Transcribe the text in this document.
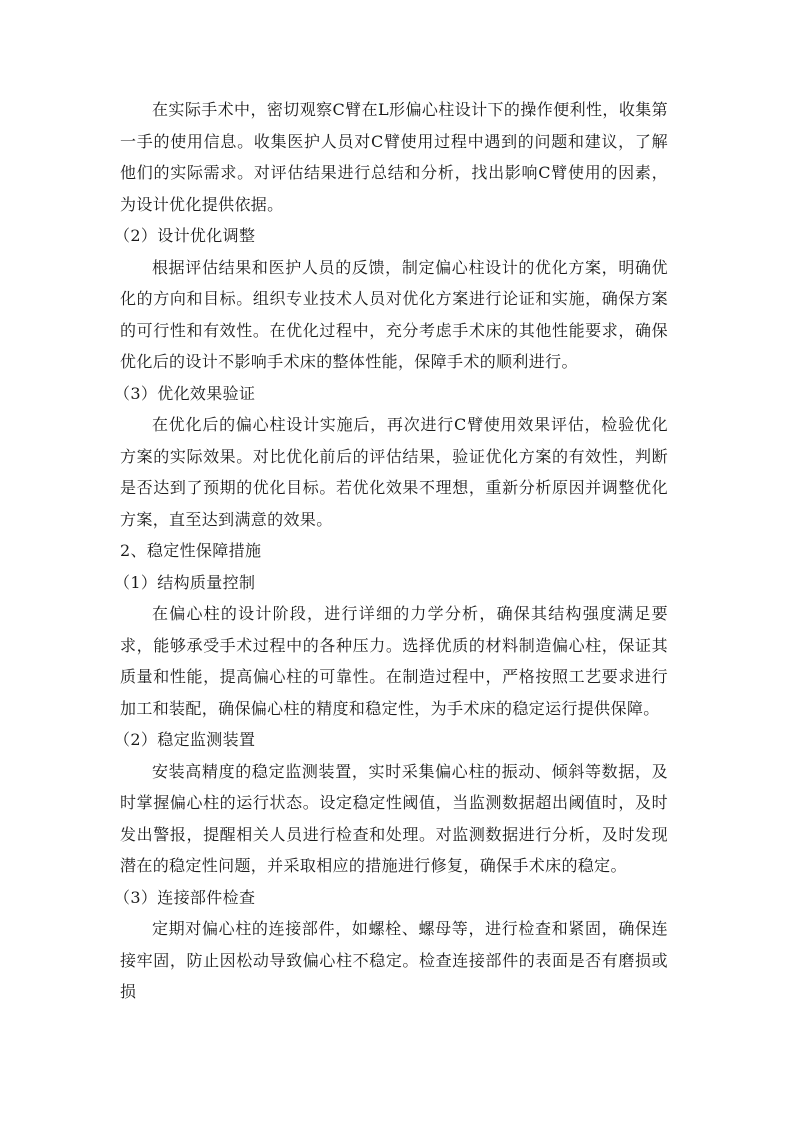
在实际手术中，密切观察C臂在L形偏心柱设计下的操作便利性，收集第一手的使用信息。收集医护人员对C臂使用过程中遇到的问题和建议，了解他们的实际需求。对评估结果进行总结和分析，找出影响C臂使用的因素，为设计优化提供依据。

（2）设计优化调整

根据评估结果和医护人员的反馈，制定偏心柱设计的优化方案，明确优化的方向和目标。组织专业技术人员对优化方案进行论证和实施，确保方案的可行性和有效性。在优化过程中，充分考虑手术床的其他性能要求，确保优化后的设计不影响手术床的整体性能，保障手术的顺利进行。

（3）优化效果验证

在优化后的偏心柱设计实施后，再次进行C臂使用效果评估，检验优化方案的实际效果。对比优化前后的评估结果，验证优化方案的有效性，判断是否达到了预期的优化目标。若优化效果不理想，重新分析原因并调整优化方案，直至达到满意的效果。

2、稳定性保障措施

（1）结构质量控制

在偏心柱的设计阶段，进行详细的力学分析，确保其结构强度满足要求，能够承受手术过程中的各种压力。选择优质的材料制造偏心柱，保证其质量和性能，提高偏心柱的可靠性。在制造过程中，严格按照工艺要求进行加工和装配，确保偏心柱的精度和稳定性，为手术床的稳定运行提供保障。

（2）稳定监测装置

安装高精度的稳定监测装置，实时采集偏心柱的振动、倾斜等数据，及时掌握偏心柱的运行状态。设定稳定性阈值，当监测数据超出阈值时，及时发出警报，提醒相关人员进行检查和处理。对监测数据进行分析，及时发现潜在的稳定性问题，并采取相应的措施进行修复，确保手术床的稳定。

（3）连接部件检查

定期对偏心柱的连接部件，如螺栓、螺母等，进行检查和紧固，确保连接牢固，防止因松动导致偏心柱不稳定。检查连接部件的表面是否有磨损或损
